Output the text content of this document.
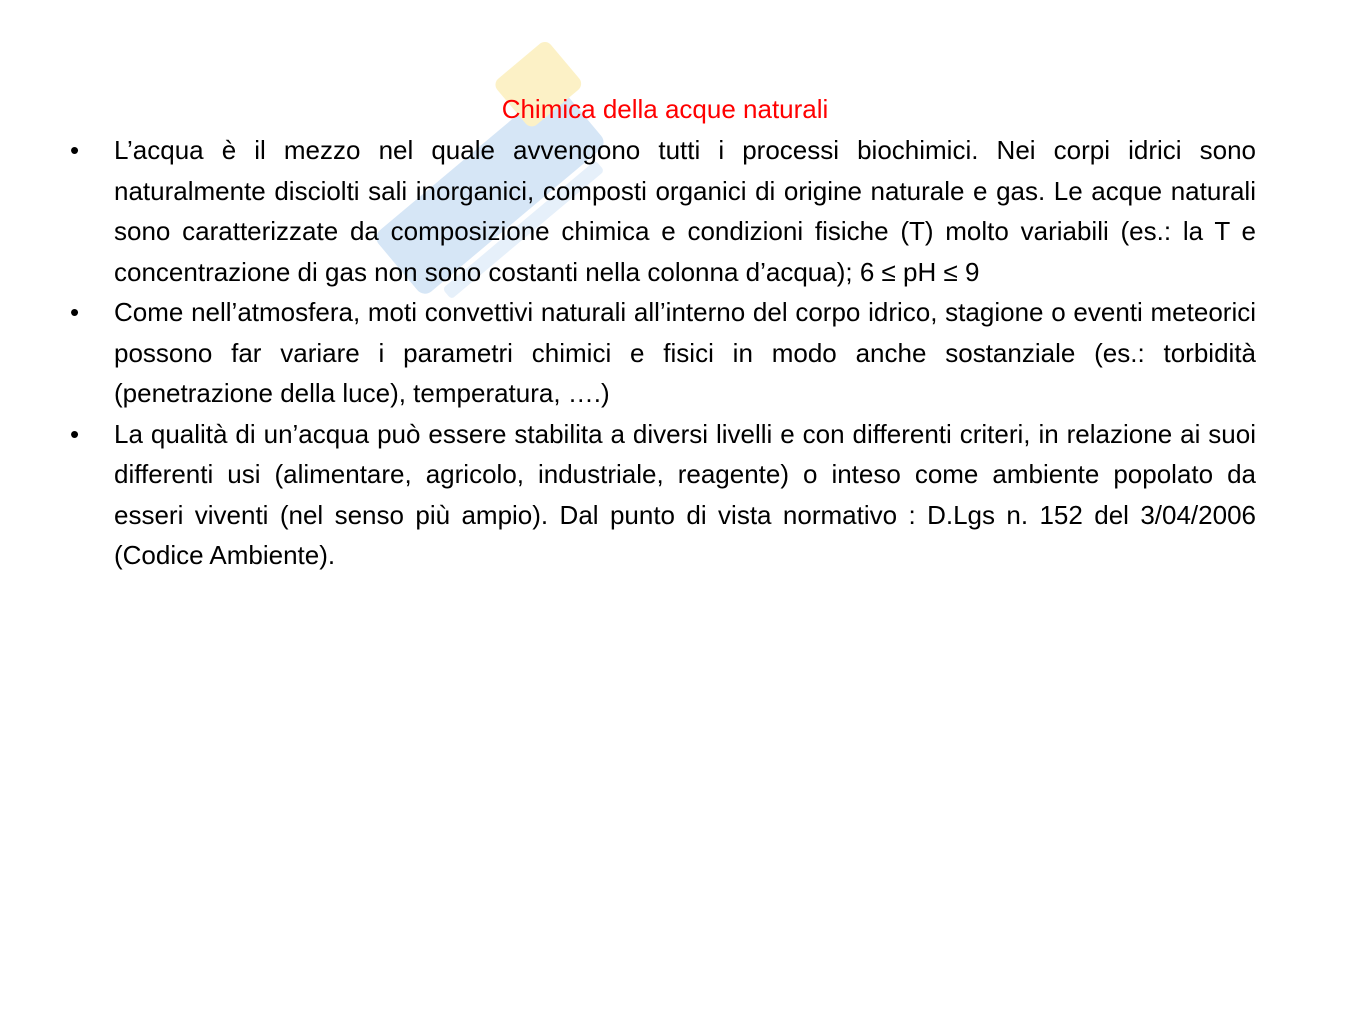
Chimica della acque naturali
•	L’acqua è il mezzo nel quale avvengono tutti i processi biochimici. Nei corpi idrici sono naturalmente disciolti sali inorganici, composti organici di origine naturale e gas. Le acque naturali sono caratterizzate da composizione chimica e condizioni fisiche (T) molto variabili (es.: la T e concentrazione di gas non sono costanti nella colonna d’acqua); 6 ≤ pH ≤ 9
•	Come nell’atmosfera, moti convettivi naturali all’interno del corpo idrico, stagione o eventi meteorici possono far variare i parametri chimici e fisici in modo anche sostanziale (es.: torbidità (penetrazione della luce), temperatura, ….)
•	La qualità di un’acqua può essere stabilita a diversi livelli e con differenti criteri, in relazione ai suoi differenti usi (alimentare, agricolo, industriale, reagente) o inteso come ambiente popolato da esseri viventi (nel senso più ampio). Dal punto di vista normativo : D.Lgs n. 152 del 3/04/2006 (Codice Ambiente).
